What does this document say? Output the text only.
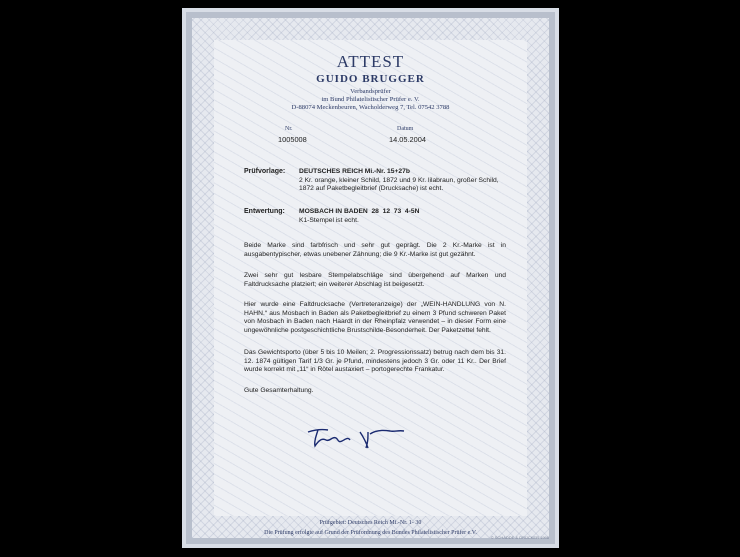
ATTEST
GUIDO BRUGGER
Verbandsprüfer
im Bund Philatelistischer Prüfer e. V.
D-88074 Meckenbeuren, Wacholderweg 7, Tel. 07542 3788
Nr.
1005008
Datum
14.05.2004
Prüfvorlage: DEUTSCHES REICH Mi.-Nr. 15+27b
2 Kr. orange, kleiner Schild, 1872 und 9 Kr. lilabraun, großer Schild, 1872 auf Paketbegleitbrief (Drucksache) ist echt.
Entwertung: MOSBACH IN BADEN  28  12  73  4-5N
K1-Stempel ist echt.
Beide Marke sind farbfrisch und sehr gut geprägt. Die 2 Kr.-Marke ist in ausgabentypischer, etwas unebener Zähnung; die 9 Kr.-Marke ist gut gezähnt.
Zwei sehr gut lesbare Stempelabschläge sind übergehend auf Marken und Faltdrucksache platziert; ein weiterer Abschlag ist beigesetzt.
Hier wurde eine Faltdrucksache (Vertreteranzeige) der „WEIN-HANDLUNG von N. HAHN.“ aus Mosbach in Baden als Paketbegleitbrief zu einem 3 Pfund schweren Paket von Mosbach in Baden nach Haardt in der Rheinpfalz verwendet – in dieser Form eine ungewöhnliche postgeschichtliche Brustschilde-Besonderheit. Der Paketzettel fehlt.
Das Gewichtsporto (über 5 bis 10 Meilen; 2. Progressionssatz) betrug nach dem bis 31. 12. 1874 gültigen Tarif 1/3 Gr. je Pfund, mindestens jedoch 3 Gr. oder 11 Kr.. Der Brief wurde korrekt mit „11“ in Rötel austaxiert – portogerechte Frankatur.
Gute Gesamterhaltung.
Prüfgebiet: Deutsches Reich Mi.-Nr. 1- 30
Die Prüfung erfolgte auf Grund der Prüfordnung des Bundes Philatelistischer Prüfer e.V.
© SCHADDE & DRÜCKER 1998
